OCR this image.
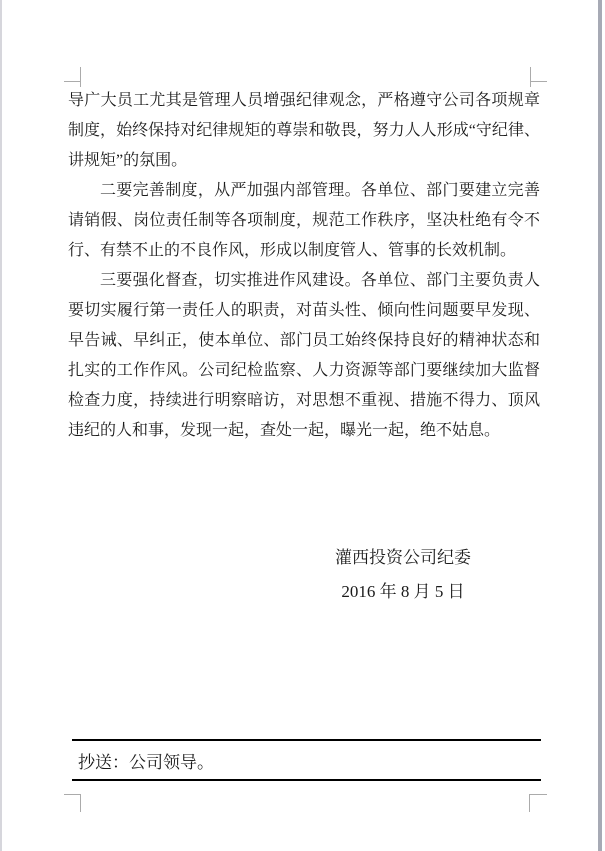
导广大员工尤其是管理人员增强纪律观念，严格遵守公司各项规章
制度，始终保持对纪律规矩的尊崇和敬畏，努力人人形成“守纪律、
讲规矩”的氛围。
二要完善制度，从严加强内部管理。各单位、部门要建立完善
请销假、岗位责任制等各项制度，规范工作秩序，坚决杜绝有令不
行、有禁不止的不良作风，形成以制度管人、管事的长效机制。
三要强化督查，切实推进作风建设。各单位、部门主要负责人
要切实履行第一责任人的职责，对苗头性、倾向性问题要早发现、
早告诫、早纠正，使本单位、部门员工始终保持良好的精神状态和
扎实的工作作风。公司纪检监察、人力资源等部门要继续加大监督
检查力度，持续进行明察暗访，对思想不重视、措施不得力、顶风
违纪的人和事，发现一起，查处一起，曝光一起，绝不姑息。
灌西投资公司纪委
2016 年 8 月 5 日
抄送：公司领导。
